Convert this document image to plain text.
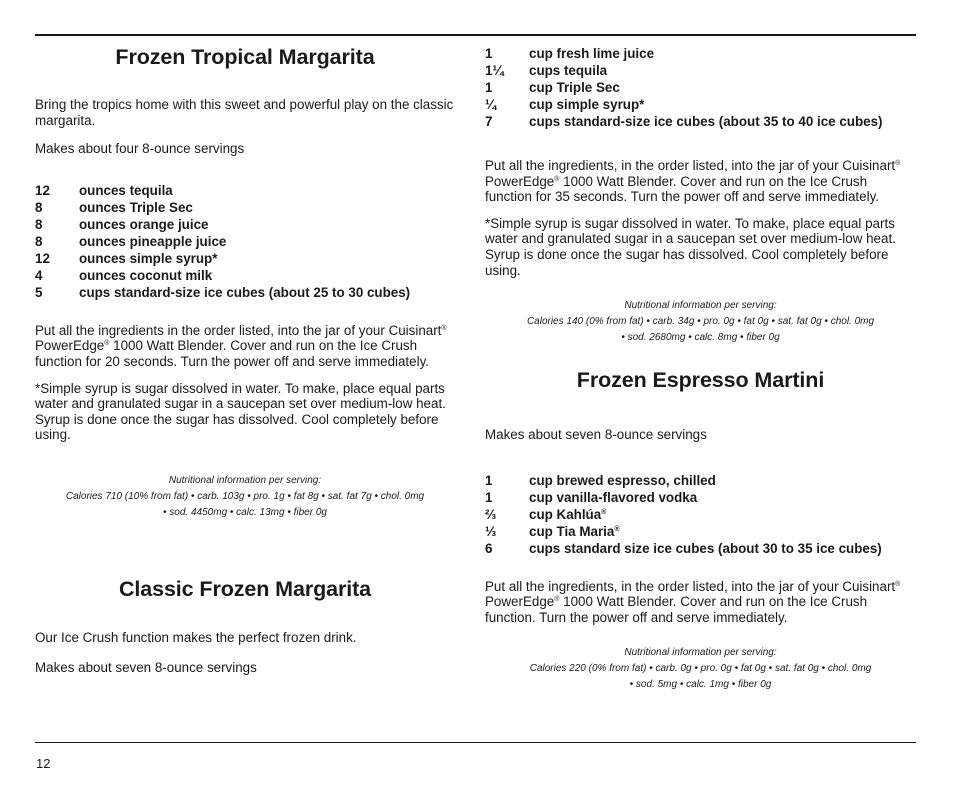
12
Frozen Tropical Margarita

Bring the tropics home with this sweet and powerful play on the classic margarita.

Makes about four 8-ounce servings

12	ounces tequila
8	ounces Triple Sec
8	ounces orange juice
8	ounces pineapple juice
12	ounces simple syrup*
4	ounces coconut milk
5	cups standard-size ice cubes (about 25 to 30 cubes)

Put all the ingredients in the order listed, into the jar of your Cuisinart® PowerEdge® 1000 Watt Blender. Cover and run on the Ice Crush function for 20 seconds. Turn the power off and serve immediately.

*Simple syrup is sugar dissolved in water. To make, place equal parts water and granulated sugar in a saucepan set over medium-low heat. Syrup is done once the sugar has dissolved. Cool completely before using.

Nutritional information per serving:
Calories 710 (10% from fat) • carb. 103g • pro. 1g • fat 8g • sat. fat 7g • chol. 0mg
• sod. 4450mg • calc. 13mg • fiber 0g
Classic Frozen Margarita

Our Ice Crush function makes the perfect frozen drink.

Makes about seven 8-ounce servings

1	cup fresh lime juice
1¼	cups tequila
1	cup Triple Sec
¼	cup simple syrup*
7	cups standard-size ice cubes (about 35 to 40 ice cubes)

Put all the ingredients, in the order listed, into the jar of your Cuisinart® PowerEdge® 1000 Watt Blender. Cover and run on the Ice Crush function for 35 seconds. Turn the power off and serve immediately.

*Simple syrup is sugar dissolved in water. To make, place equal parts water and granulated sugar in a saucepan set over medium-low heat. Syrup is done once the sugar has dissolved. Cool completely before using.

Nutritional information per serving:
Calories 140 (0% from fat) • carb. 34g • pro. 0g • fat 0g • sat. fat 0g • chol. 0mg
• sod. 2680mg • calc. 8mg • fiber 0g
Frozen Espresso Martini

Makes about seven 8-ounce servings

1	cup brewed espresso, chilled
1	cup vanilla-flavored vodka
⅔	cup Kahlúa®
⅓	cup Tia Maria®
6	cups standard size ice cubes (about 30 to 35 ice cubes)

Put all the ingredients, in the order listed, into the jar of your Cuisinart® PowerEdge® 1000 Watt Blender. Cover and run on the Ice Crush function. Turn the power off and serve immediately.

Nutritional information per serving:
Calories 220 (0% from fat) • carb. 0g • pro. 0g • fat 0g • sat. fat 0g • chol. 0mg
• sod. 5mg • calc. 1mg • fiber 0g
